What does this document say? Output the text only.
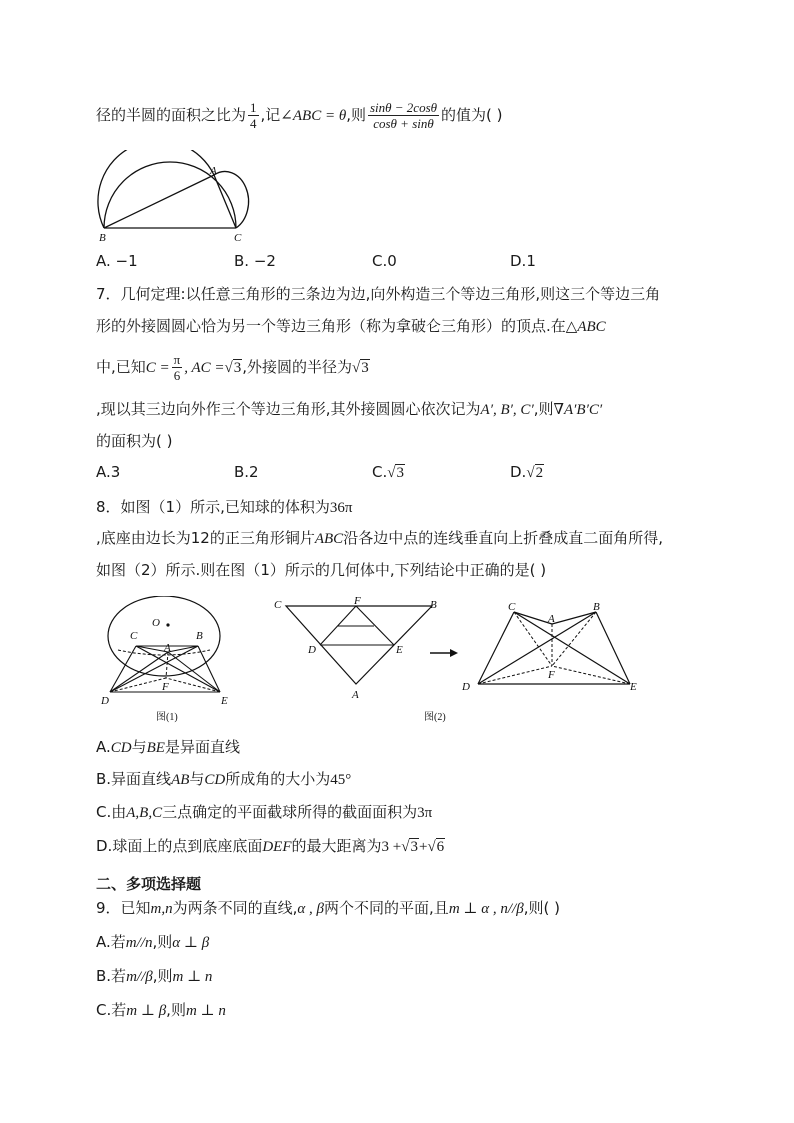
径的半圆的面积之比为 $\frac{1}{4}$ ,记∠ABC = θ,则 $\frac{\sin\theta - 2\cos\theta}{\cos\theta + \sin\theta}$ 的值为( )
A
B	C
A. −1	B. −2	C.0	D.1
7．几何定理:以任意三角形的三条边为边,向外构造三个等边三角形,则这三个等边三角
形的外接圆圆心恰为另一个等边三角形（称为拿破仑三角形）的顶点.在△ABC
中,已知$C = \frac{\pi}{6}$ , AC =√3,外接圆的半径为√3
,现以其三边向外作三个等边三角形,其外接圆圆心依次记为A′, B′, C′,则∇A′B′C′
的面积为( )
A.3	B.2	C.√3	D.√2
8．如图（1）所示,已知球的体积为36π
,底座由边长为12的正三角形铜片ABC沿各边中点的连线垂直向上折叠成直二面角所得,
如图（2）所示.则在图（1）所示的几何体中,下列结论中正确的是( )
O
C	B
A
F
D	E
图(1)
C	F	B
D	E
A
图(2)
C
A
B
F
D	E
A.CD与BE是异面直线
B.异面直线AB与CD所成角的大小为45°
C.由A,B,C三点确定的平面截球所得的截面面积为3π
D.球面上的点到底座底面DEF的最大距离为3 +√3+√6
二、多项选择题
9．已知m,n为两条不同的直线,α , β两个不同的平面,且m ⊥ α , n//β,则( )
A.若m//n,则α ⊥ β
B.若m//β,则m ⊥ n
C.若m ⊥ β,则m ⊥ n
